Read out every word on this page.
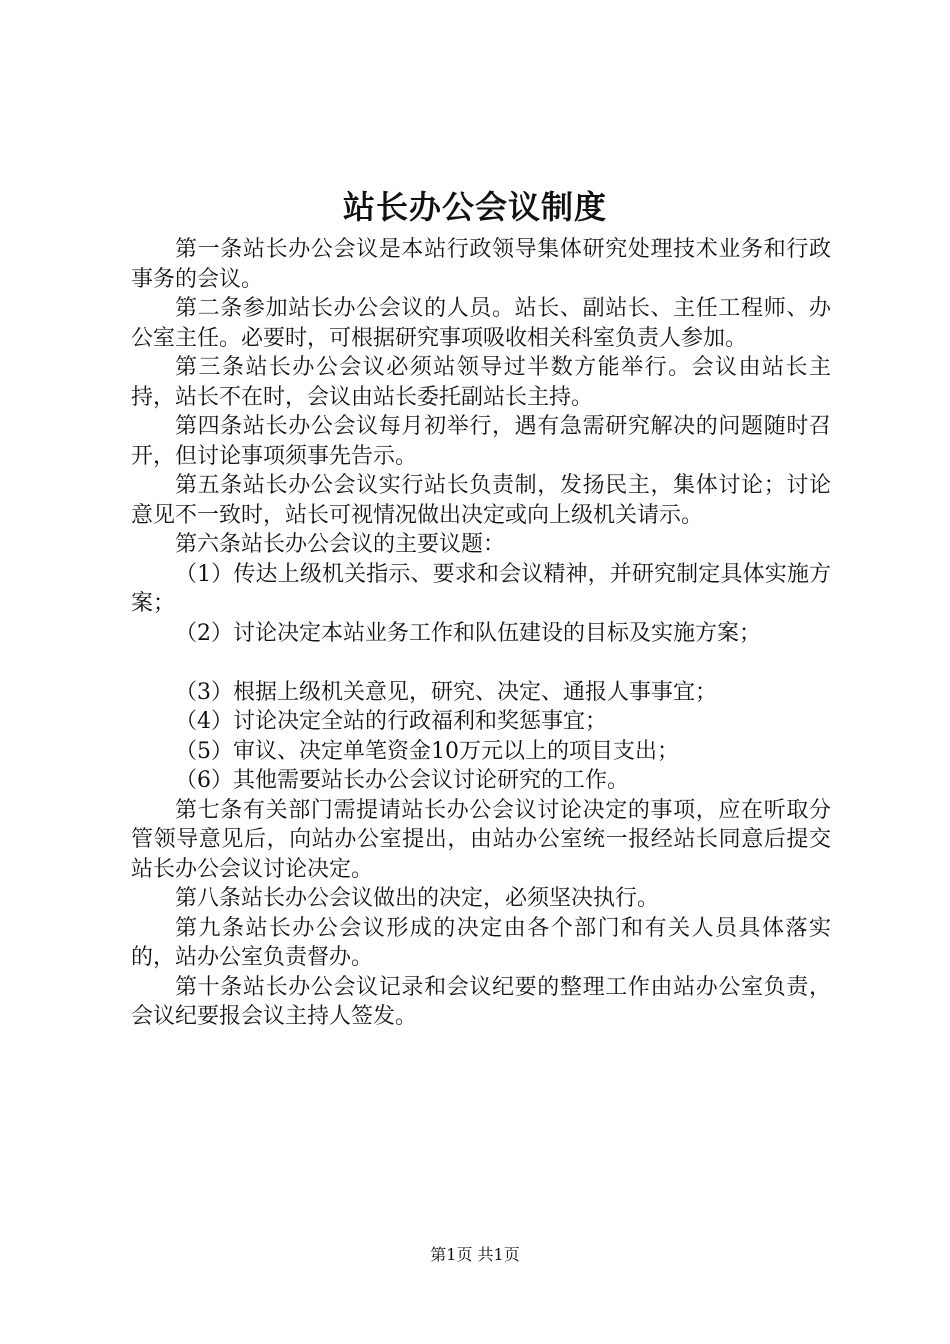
站长办公会议制度

第一条站长办公会议是本站行政领导集体研究处理技术业务和行政事务的会议。

第二条参加站长办公会议的人员。站长、副站长、主任工程师、办公室主任。必要时，可根据研究事项吸收相关科室负责人参加。

第三条站长办公会议必须站领导过半数方能举行。会议由站长主持，站长不在时，会议由站长委托副站长主持。

第四条站长办公会议每月初举行，遇有急需研究解决的问题随时召开，但讨论事项须事先告示。

第五条站长办公会议实行站长负责制，发扬民主，集体讨论；讨论意见不一致时，站长可视情况做出决定或向上级机关请示。

第六条站长办公会议的主要议题：

（1）传达上级机关指示、要求和会议精神，并研究制定具体实施方案；

（2）讨论决定本站业务工作和队伍建设的目标及实施方案；

（3）根据上级机关意见，研究、决定、通报人事事宜；

（4）讨论决定全站的行政福利和奖惩事宜；

（5）审议、决定单笔资金10万元以上的项目支出；

（6）其他需要站长办公会议讨论研究的工作。

第七条有关部门需提请站长办公会议讨论决定的事项，应在听取分管领导意见后，向站办公室提出，由站办公室统一报经站长同意后提交站长办公会议讨论决定。

第八条站长办公会议做出的决定，必须坚决执行。

第九条站长办公会议形成的决定由各个部门和有关人员具体落实的，站办公室负责督办。

第十条站长办公会议记录和会议纪要的整理工作由站办公室负责，会议纪要报会议主持人签发。

第1页 共1页
